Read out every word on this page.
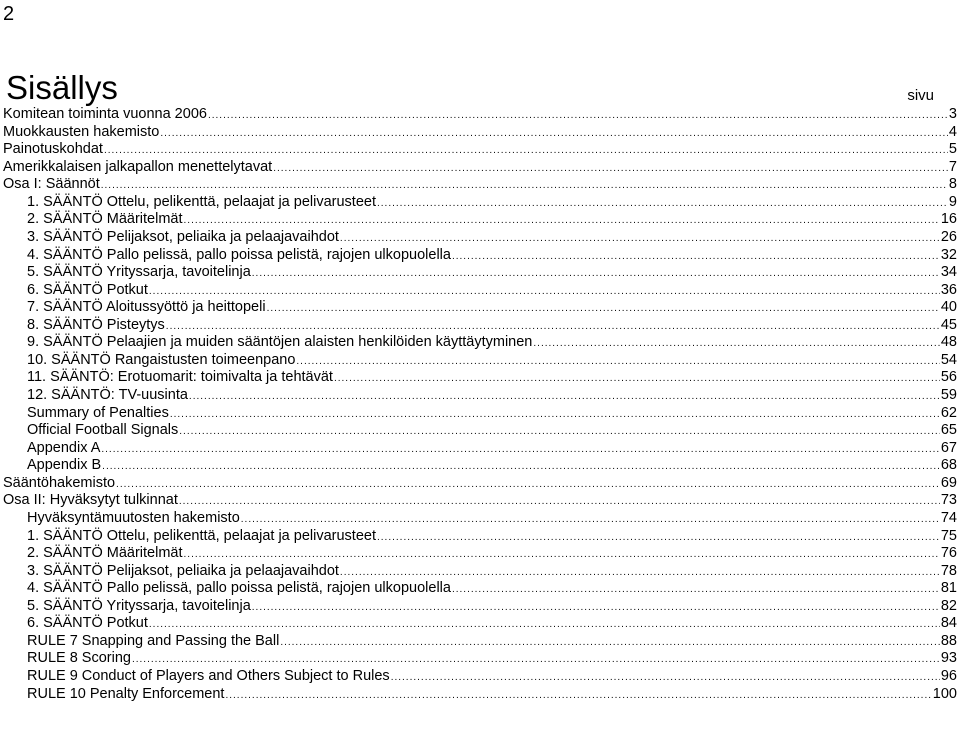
2
Sisällys	sivu
Komitean toiminta vuonna 2006 .....	3
Muokkausten hakemisto .....	4
Painotuskohdat .....	5
Amerikkalaisen jalkapallon menettelytavat .....	7
Osa I: Säännöt .....	8
1. SÄÄNTÖ Ottelu, pelikenttä, pelaajat ja pelivarusteet .....	9
2. SÄÄNTÖ Määritelmät .....	16
3. SÄÄNTÖ Pelijaksot, peliaika ja pelaajavaihdot .....	26
4. SÄÄNTÖ Pallo pelissä, pallo poissa pelistä, rajojen ulkopuolella .....	32
5. SÄÄNTÖ Yrityssarja, tavoitelinja .....	34
6. SÄÄNTÖ Potkut .....	36
7. SÄÄNTÖ Aloitussyöttö ja heittopeli .....	40
8. SÄÄNTÖ Pisteytys .....	45
9. SÄÄNTÖ Pelaajien ja muiden sääntöjen alaisten henkilöiden käyttäytyminen .....	48
10. SÄÄNTÖ Rangaistusten toimeenpano .....	54
11. SÄÄNTÖ: Erotuomarit: toimivalta ja tehtävät .....	56
12. SÄÄNTÖ: TV-uusinta .....	59
Summary of Penalties .....	62
Official Football Signals .....	65
Appendix A .....	67
Appendix B .....	68
Sääntöhakemisto .....	69
Osa II: Hyväksytyt tulkinnat .....	73
Hyväksyntämuutosten hakemisto .....	74
1. SÄÄNTÖ Ottelu, pelikenttä, pelaajat ja pelivarusteet .....	75
2. SÄÄNTÖ Määritelmät .....	76
3. SÄÄNTÖ Pelijaksot, peliaika ja pelaajavaihdot .....	78
4. SÄÄNTÖ Pallo pelissä, pallo poissa pelistä, rajojen ulkopuolella .....	81
5. SÄÄNTÖ Yrityssarja, tavoitelinja .....	82
6. SÄÄNTÖ Potkut .....	84
RULE 7 Snapping and Passing the Ball .....	88
RULE 8 Scoring .....	93
RULE 9 Conduct of Players and Others Subject to Rules .....	96
RULE 10 Penalty Enforcement .....	100
